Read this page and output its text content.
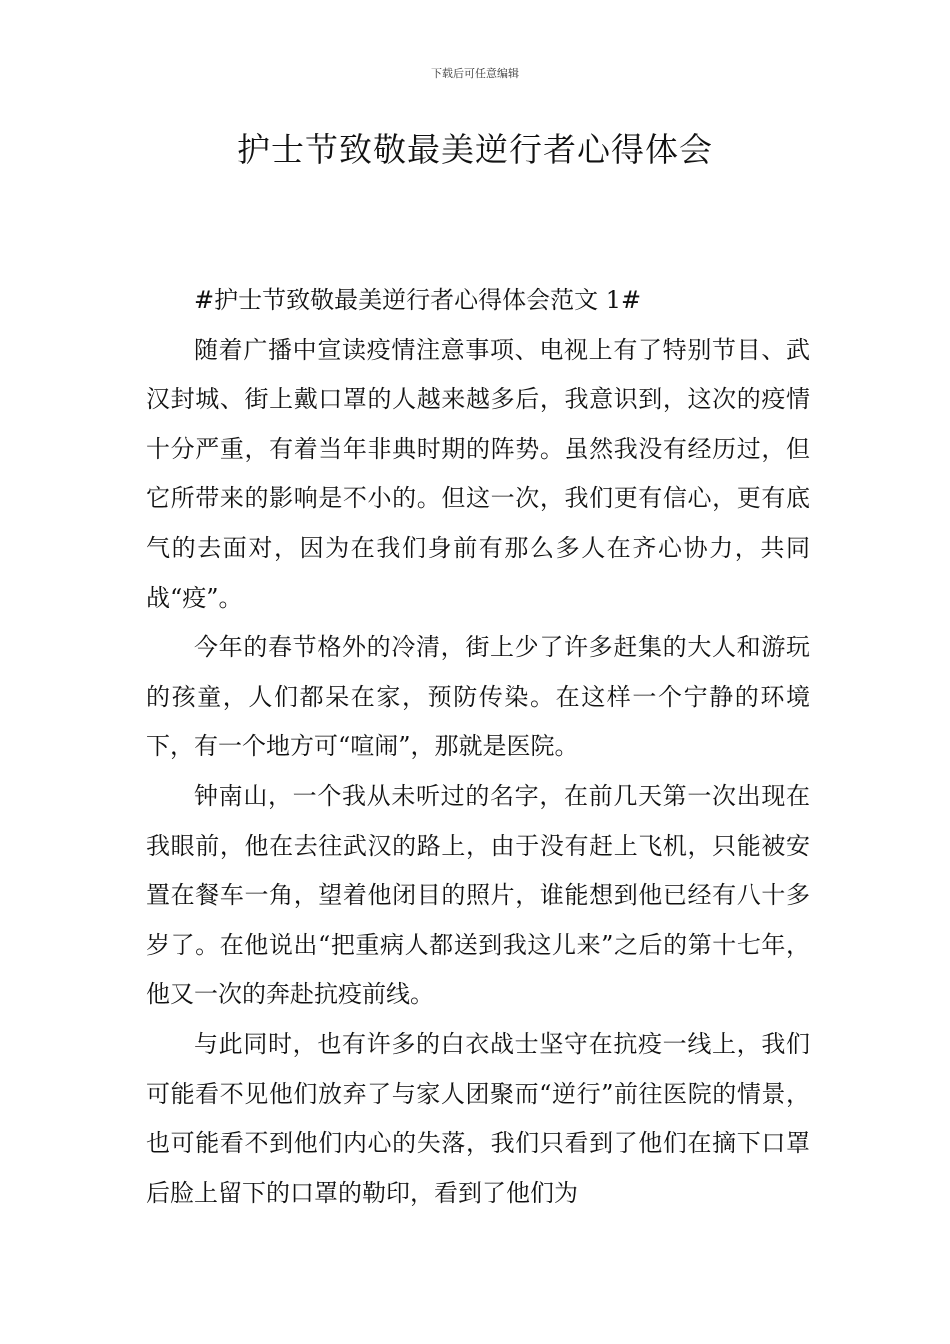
下载后可任意编辑
护士节致敬最美逆行者心得体会

#护士节致敬最美逆行者心得体会范文 1#

随着广播中宣读疫情注意事项、电视上有了特别节目、武汉封城、街上戴口罩的人越来越多后，我意识到，这次的疫情十分严重，有着当年非典时期的阵势。虽然我没有经历过，但它所带来的影响是不小的。但这一次，我们更有信心，更有底气的去面对，因为在我们身前有那么多人在齐心协力，共同战“疫”。

今年的春节格外的冷清，街上少了许多赶集的大人和游玩的孩童，人们都呆在家，预防传染。在这样一个宁静的环境下，有一个地方可“喧闹”，那就是医院。

钟南山，一个我从未听过的名字，在前几天第一次出现在我眼前，他在去往武汉的路上，由于没有赶上飞机，只能被安置在餐车一角，望着他闭目的照片，谁能想到他已经有八十多岁了。在他说出“把重病人都送到我这儿来”之后的第十七年，他又一次的奔赴抗疫前线。

与此同时，也有许多的白衣战士坚守在抗疫一线上，我们可能看不见他们放弃了与家人团聚而“逆行”前往医院的情景，也可能看不到他们内心的失落，我们只看到了他们在摘下口罩后脸上留下的口罩的勒印，看到了他们为
